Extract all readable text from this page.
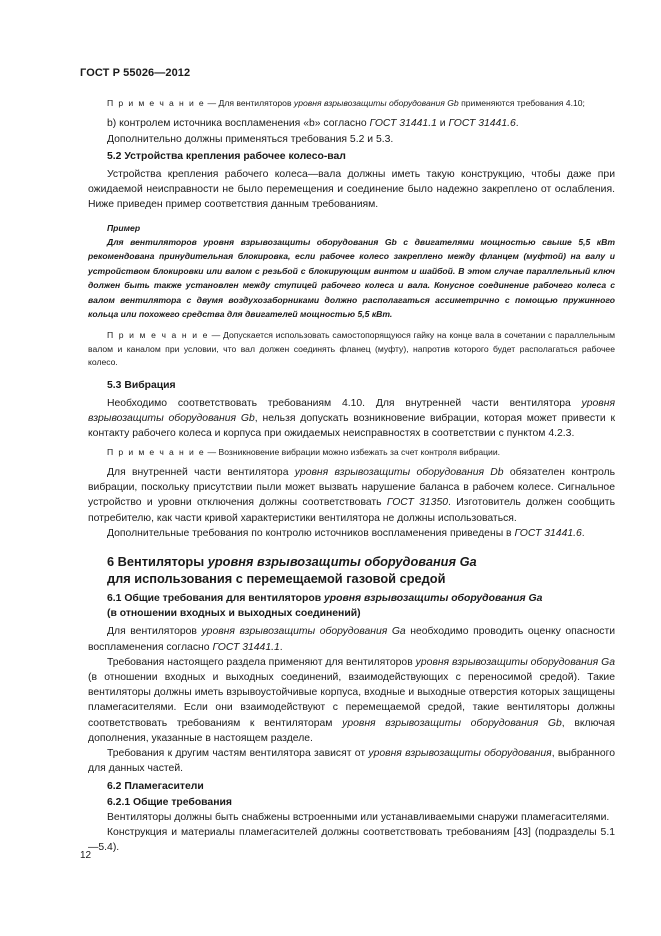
ГОСТ Р 55026—2012

П р и м е ч а н и е — Для вентиляторов уровня взрывозащиты оборудования Gb применяются требования 4.10;

b) контролем источника воспламенения «b» согласно ГОСТ 31441.1 и ГОСТ 31441.6.

Дополнительно должны применяться требования 5.2 и 5.3.

5.2 Устройства крепления рабочее колесо-вал

Устройства крепления рабочего колеса—вала должны иметь такую конструкцию, чтобы даже при ожидаемой неисправности не было перемещения и соединение было надежно закреплено от ослабления. Ниже приведен пример соответствия данным требованиям.

Пример

Для вентиляторов уровня взрывозащиты оборудования Gb с двигателями мощностью свыше 5,5 кВт рекомендована принудительная блокировка, если рабочее колесо закреплено между фланцем (муфтой) на валу и устройством блокировки или валом с резьбой с блокирующим винтом и шайбой. В этом случае параллельный ключ должен быть также установлен между ступицей рабочего колеса и вала. Конусное соединение рабочего колеса с валом вентилятора с двумя воздухозаборниками должно располагаться ассиметрично с помощью пружинного кольца или похожего средства для двигателей мощностью 5,5 кВт.

П р и м е ч а н и е — Допускается использовать самостопорящуюся гайку на конце вала в сочетании с параллельным валом и каналом при условии, что вал должен соединять фланец (муфту), напротив которого будет располагаться рабочее колесо.

5.3 Вибрация

Необходимо соответствовать требованиям 4.10. Для внутренней части вентилятора уровня взрывозащиты оборудования Gb, нельзя допускать возникновение вибрации, которая может привести к контакту рабочего колеса и корпуса при ожидаемых неисправностях в соответствии с пунктом 4.2.3.

П р и м е ч а н и е — Возникновение вибрации можно избежать за счет контроля вибрации.

Для внутренней части вентилятора уровня взрывозащиты оборудования Db обязателен контроль вибрации, поскольку присутствии пыли может вызвать нарушение баланса в рабочем колесе. Сигнальное устройство и уровни отключения должны соответствовать ГОСТ 31350. Изготовитель должен сообщить потребителю, как части кривой характеристики вентилятора не должны использоваться.

Дополнительные требования по контролю источников воспламенения приведены в ГОСТ 31441.6.

6 Вентиляторы уровня взрывозащиты оборудования Ga
для использования с перемещаемой газовой средой

6.1 Общие требования для вентиляторов уровня взрывозащиты оборудования Ga
(в отношении входных и выходных соединений)

Для вентиляторов уровня взрывозащиты оборудования Ga необходимо проводить оценку опасности воспламенения согласно ГОСТ 31441.1.

Требования настоящего раздела применяют для вентиляторов уровня взрывозащиты оборудования Ga (в отношении входных и выходных соединений, взаимодействующих с переносимой средой). Такие вентиляторы должны иметь взрывоустойчивые корпуса, входные и выходные отверстия которых защищены пламегасителями. Если они взаимодействуют с перемещаемой средой, такие вентиляторы должны соответствовать требованиям к вентиляторам уровня взрывозащиты оборудования Gb, включая дополнения, указанные в настоящем разделе.

Требования к другим частям вентилятора зависят от уровня взрывозащиты оборудования, выбранного для данных частей.

6.2 Пламегасители

6.2.1 Общие требования

Вентиляторы должны быть снабжены встроенными или устанавливаемыми снаружи пламегасителями.

Конструкция и материалы пламегасителей должны соответствовать требованиям [43] (подразделы 5.1—5.4).

12
